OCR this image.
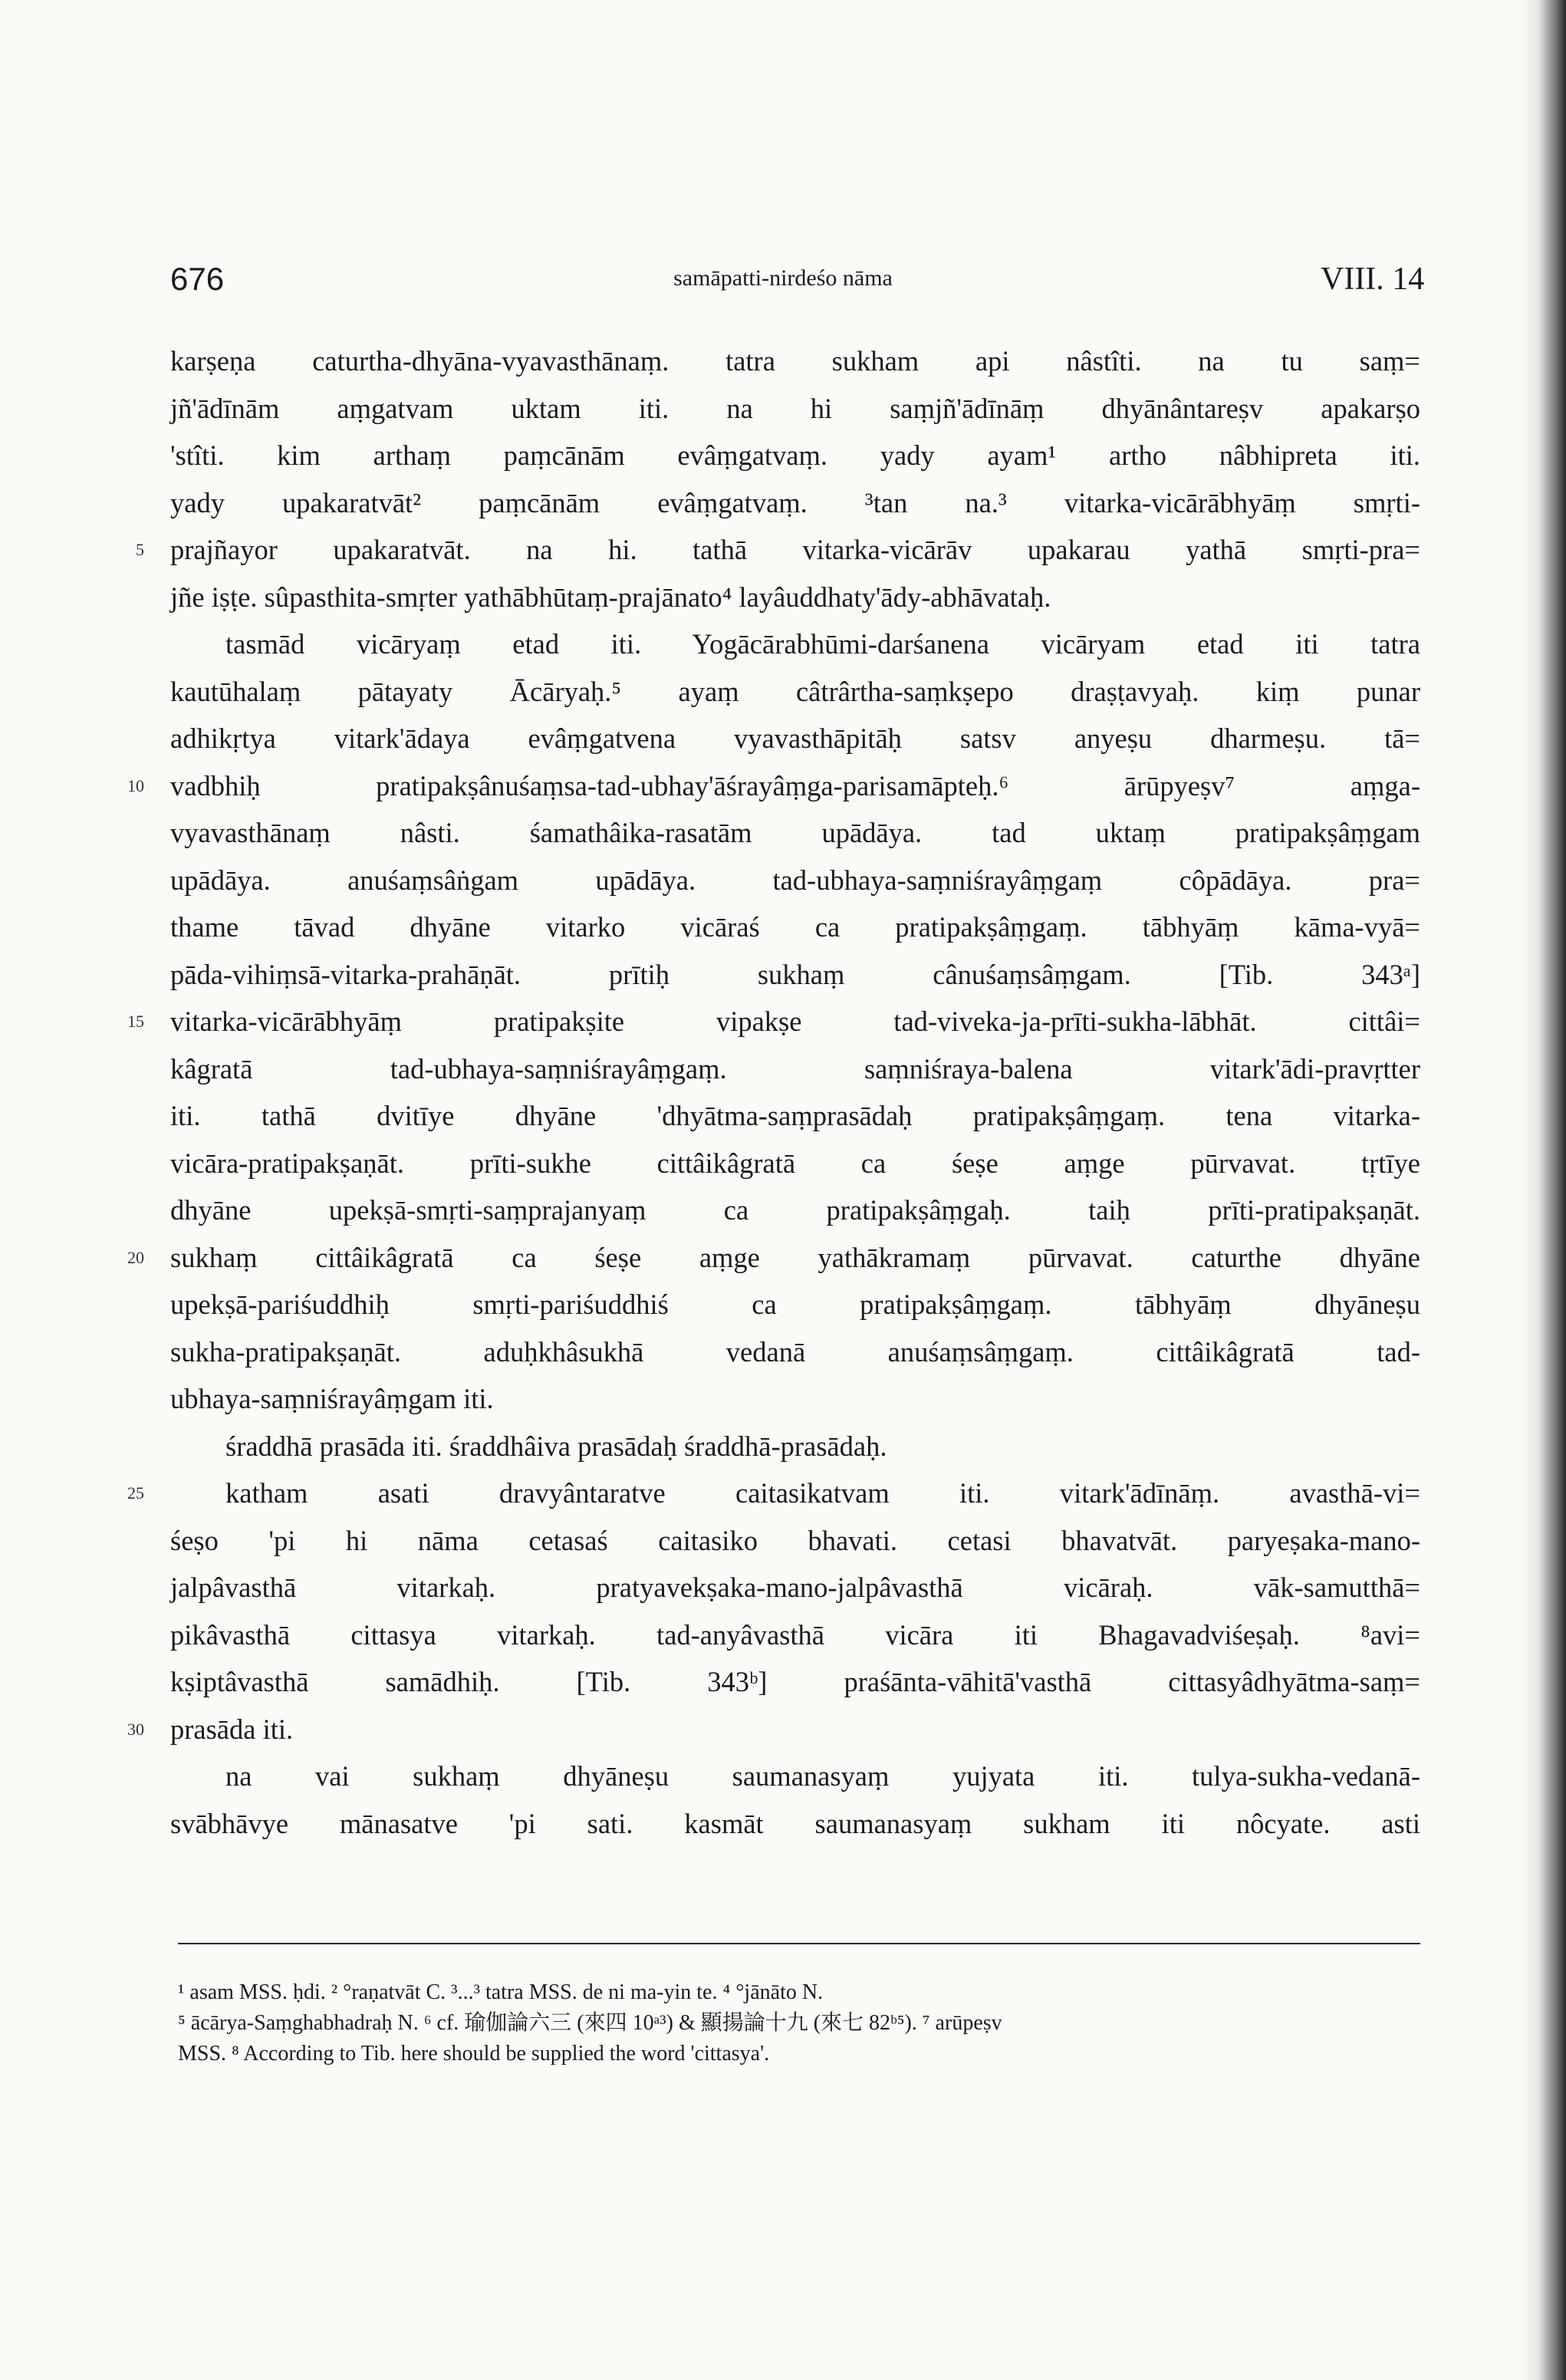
676	samāpatti-nirdeśo nāma	VIII. 14
karṣeṇa caturtha-dhyāna-vyavasthānaṃ. tatra sukham api nâstîti. na tu saṃ=
jñ'ādīnām aṃgatvam uktam iti. na hi saṃjñ'ādīnāṃ dhyānântareṣv apakarṣo
'stîti. kim arthaṃ paṃcānām evâṃgatvaṃ. yady ayam¹ artho nâbhipreta iti.
yady upakaratvāt² paṃcānām evâṃgatvaṃ. ³tan na.³ vitarka-vicārābhyāṃ smṛti-
5 prajñayor upakaratvāt. na hi. tathā vitarka-vicārāv upakarau yathā smṛti-pra=
jñe iṣṭe. sûpasthita-smṛter yathābhūtaṃ-prajānato⁴ layâuddhaty'ādy-abhāvataḥ.
tasmād vicāryaṃ etad iti. Yogācārabhūmi-darśanena vicāryam etad iti tatra
kautūhalaṃ pātayaty Ācāryaḥ.⁵ ayaṃ câtrârtha-saṃkṣepo draṣṭavyaḥ. kiṃ punar
adhikṛtya vitark'ādaya evâṃgatvena vyavasthāpitāḥ satsv anyeṣu dharmeṣu. tā=
10 vadbhiḥ pratipakṣânuśaṃsa-tad-ubhay'āśrayâṃga-parisamāpteḥ.⁶ ārūpyeṣv⁷ aṃga-
vyavasthānaṃ nâsti. śamathâika-rasatām upādāya. tad uktaṃ pratipakṣâṃgam
upādāya. anuśaṃsâṅgam upādāya. tad-ubhaya-saṃniśrayâṃgaṃ côpādāya. pra=
thame tāvad dhyāne vitarko vicāraś ca pratipakṣâṃgaṃ. tābhyāṃ kāma-vyā=
pāda-vihiṃsā-vitarka-prahāṇāt. prītiḥ sukhaṃ cânuśaṃsâṃgam. [Tib. 343ᵃ]
15 vitarka-vicārābhyāṃ pratipakṣite vipakṣe tad-viveka-ja-prīti-sukha-lābhāt. cittâi=
kâgratā tad-ubhaya-saṃniśrayâṃgaṃ. saṃniśraya-balena vitark'ādi-pravṛtter
iti. tathā dvitīye dhyāne 'dhyātma-saṃprasādaḥ pratipakṣâṃgaṃ. tena vitarka-
vicāra-pratipakṣaṇāt. prīti-sukhe cittâikâgratā ca śeṣe aṃge pūrvavat. tṛtīye
dhyāne upekṣā-smṛti-saṃprajanyaṃ ca pratipakṣâṃgaḥ. taiḥ prīti-pratipakṣaṇāt.
20 sukhaṃ cittâikâgratā ca śeṣe aṃge yathākramaṃ pūrvavat. caturthe dhyāne
upekṣā-pariśuddhiḥ smṛti-pariśuddhiś ca pratipakṣâṃgaṃ. tābhyāṃ dhyāneṣu
sukha-pratipakṣaṇāt. aduḥkhâsukhā vedanā anuśaṃsâṃgaṃ. cittâikâgratā tad-
ubhaya-saṃniśrayâṃgam iti.
śraddhā prasāda iti. śraddhâiva prasādaḥ śraddhā-prasādaḥ.
25	katham asati dravyântaratve caitasikatvam iti. vitark'ādīnāṃ. avasthā-vi=
śeṣo 'pi hi nāma cetasaś caitasiko bhavati. cetasi bhavatvāt. paryeṣaka-mano-
jalpâvasthā vitarkaḥ. pratyavekṣaka-mano-jalpâvasthā vicāraḥ. vāk-samutthā=
pikâvasthā cittasya vitarkaḥ. tad-anyâvasthā vicāra iti Bhagavadviśeṣaḥ. ⁸avi=
kṣiptâvasthā samādhiḥ. [Tib. 343ᵇ] praśānta-vāhitā'vasthā cittasyâdhyātma-saṃ=
30 prasāda iti.
na vai sukhaṃ dhyāneṣu saumanasyaṃ yujyata iti. tulya-sukha-vedanā-
svābhāvye mānasatve 'pi sati. kasmāt saumanasyaṃ sukham iti nôcyate. asti
¹ asam MSS. ḥdi. ² °raṇatvāt C. ³...³ tatra MSS. de ni ma-yin te. ⁴ °jānāto N.
⁵ ācārya-Saṃghabhadraḥ N. ⁶ cf. 瑜伽論六三 (來四 10ᵃ³) & 顯揚論十九 (來七 82ᵇ⁵). ⁷ arūpeṣv
MSS. ⁸ According to Tib. here should be supplied the word 'cittasya'.
